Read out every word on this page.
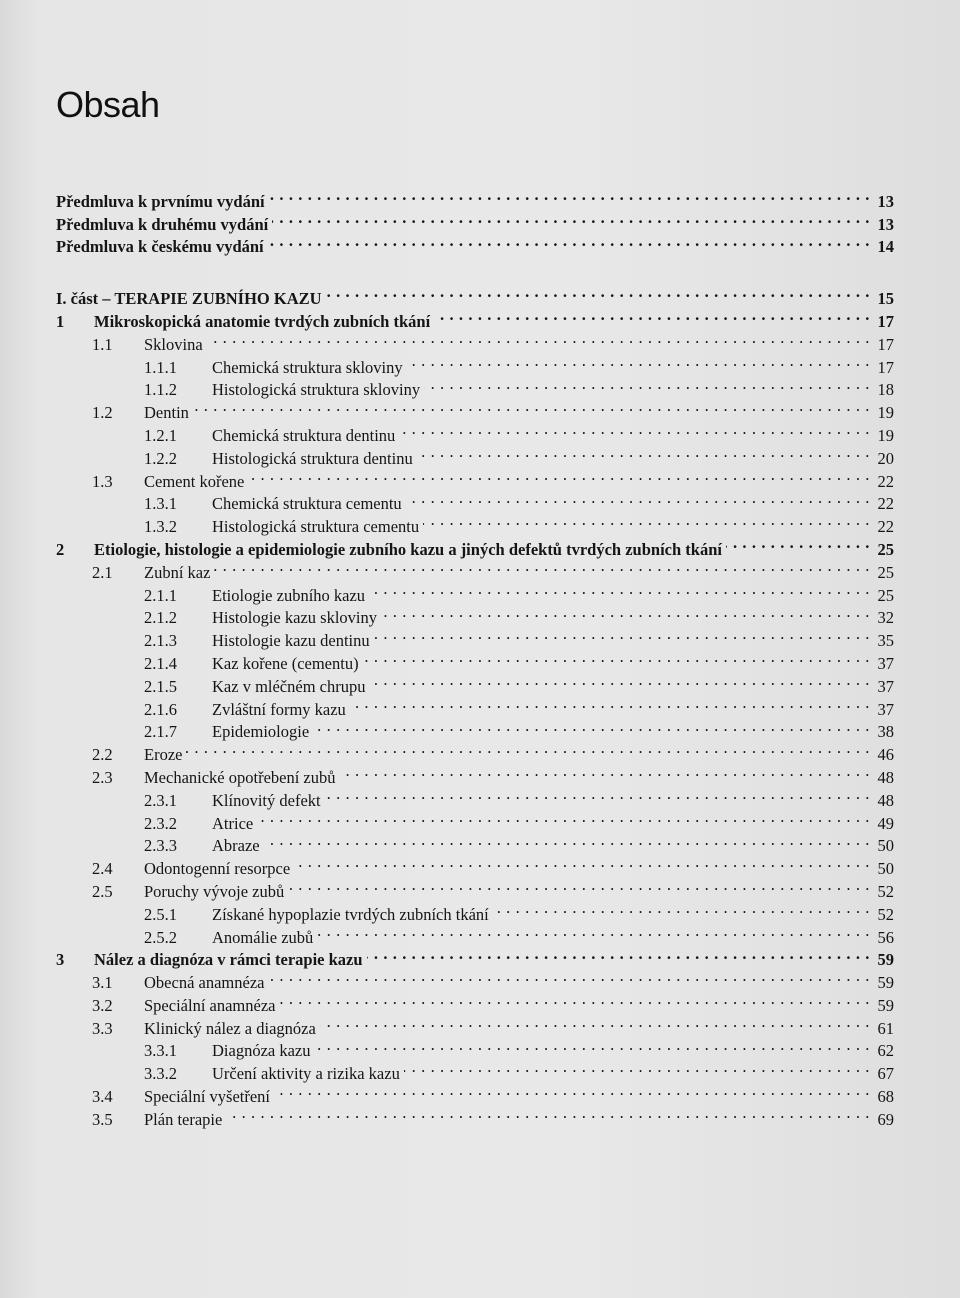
Obsah
Předmluva k prvnímu vydání . . .	13
Předmluva k druhému vydání . . .	13
Předmluva k českému vydání . . .	14
I. část – TERAPIE ZUBNÍHO KAZU . . .	15
1	Mikroskopická anatomie tvrdých zubních tkání . . .	17
1.1	Sklovina . . .	17
1.1.1	Chemická struktura skloviny . . .	17
1.1.2	Histologická struktura skloviny . . .	18
1.2	Dentin . . .	19
1.2.1	Chemická struktura dentinu . . .	19
1.2.2	Histologická struktura dentinu . . .	20
1.3	Cement kořene . . .	22
1.3.1	Chemická struktura cementu . . .	22
1.3.2	Histologická struktura cementu . . .	22
2	Etiologie, histologie a epidemiologie zubního kazu a jiných defektů tvrdých zubních tkání . . .	25
2.1	Zubní kaz . . .	25
2.1.1	Etiologie zubního kazu . . .	25
2.1.2	Histologie kazu skloviny . . .	32
2.1.3	Histologie kazu dentinu . . .	35
2.1.4	Kaz kořene (cementu) . . .	37
2.1.5	Kaz v mléčném chrupu . . .	37
2.1.6	Zvláštní formy kazu . . .	37
2.1.7	Epidemiologie . . .	38
2.2	Eroze . . .	46
2.3	Mechanické opotřebení zubů . . .	48
2.3.1	Klínovitý defekt . . .	48
2.3.2	Atrice . . .	49
2.3.3	Abraze . . .	50
2.4	Odontogenní resorpce . . .	50
2.5	Poruchy vývoje zubů . . .	52
2.5.1	Získané hypoplazie tvrdých zubních tkání . . .	52
2.5.2	Anomálie zubů . . .	56
3	Nález a diagnóza v rámci terapie kazu . . .	59
3.1	Obecná anamnéza . . .	59
3.2	Speciální anamnéza . . .	59
3.3	Klinický nález a diagnóza . . .	61
3.3.1	Diagnóza kazu . . .	62
3.3.2	Určení aktivity a rizika kazu . . .	67
3.4	Speciální vyšetření . . .	68
3.5	Plán terapie . . .	69
